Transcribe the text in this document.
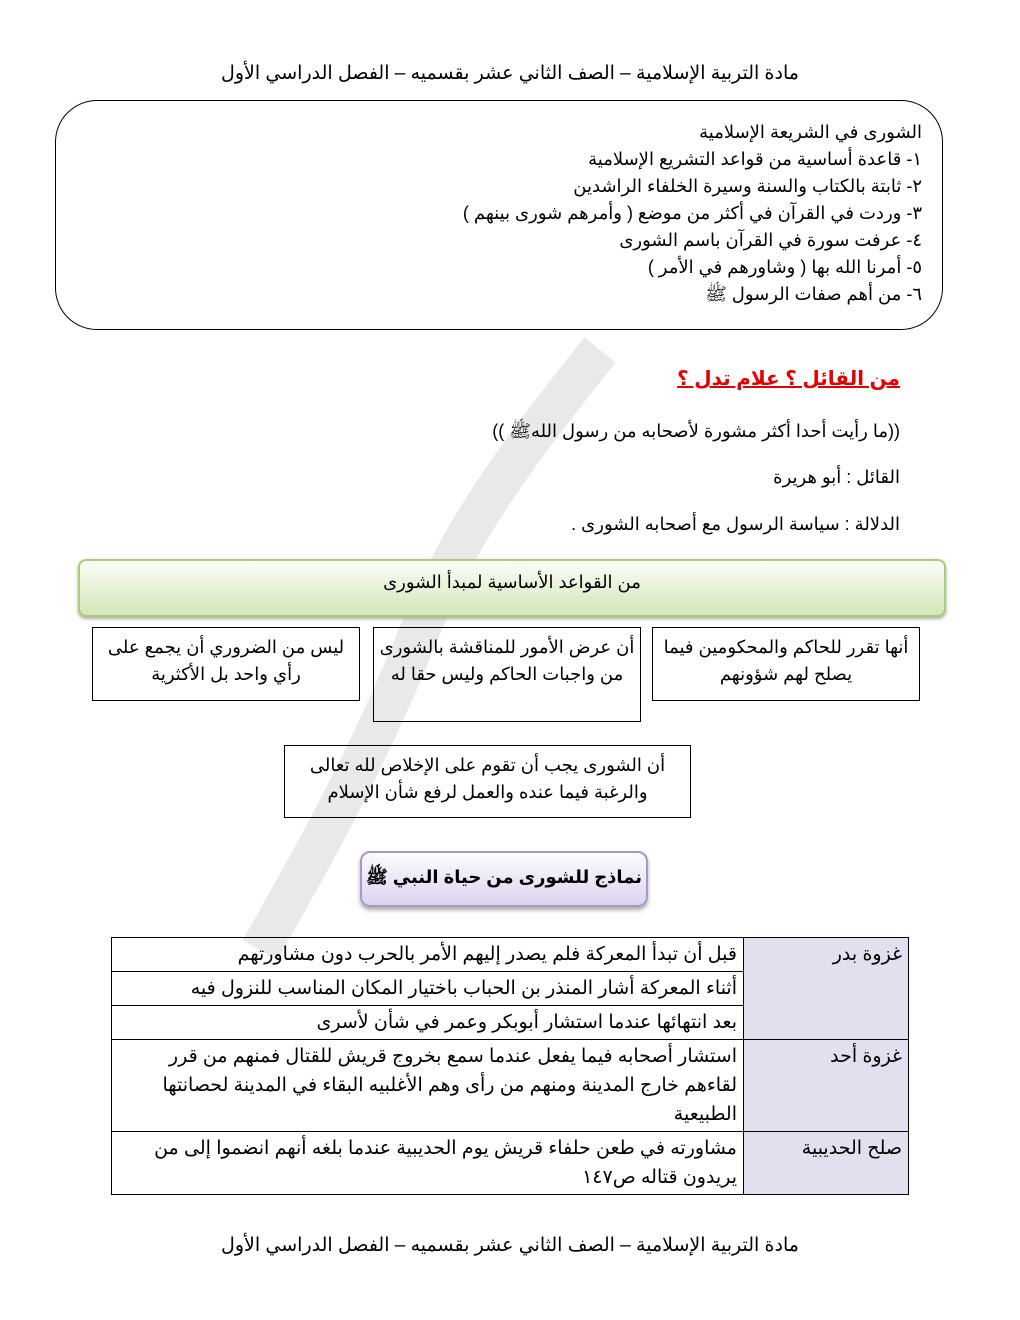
مادة التربية الإسلامية – الصف الثاني عشر بقسميه – الفصل الدراسي الأول
الشورى في الشريعة الإسلامية
١- قاعدة أساسية من قواعد التشريع الإسلامية
٢- ثابتة بالكتاب والسنة وسيرة الخلفاء الراشدين
٣- وردت في القرآن في أكثر من موضع ( وأمرهم شورى بينهم )
٤- عرفت سورة في القرآن باسم الشورى
٥- أمرنا الله بها ( وشاورهم في الأمر )
٦- من أهم صفات الرسول ﷺ
من القائل ؟ علام تدل ؟
((ما رأيت أحدا أكثر مشورة لأصحابه من رسول اللهﷺ ))
القائل : أبو هريرة
الدلالة : سياسة الرسول مع أصحابه الشورى .
من القواعد الأساسية لمبدأ الشورى
أنها تقرر للحاكم والمحكومين فيما يصلح لهم شؤونهم
أن عرض الأمور للمناقشة بالشورى من واجبات الحاكم وليس حقا له
ليس من الضروري أن يجمع على رأي واحد بل الأكثرية
أن الشورى يجب أن تقوم على الإخلاص لله تعالى والرغبة فيما عنده والعمل لرفع شأن الإسلام
نماذج للشورى من حياة النبي ﷺ
غزوة بدر	قبل أن تبدأ المعركة فلم يصدر إليهم الأمر بالحرب دون مشاورتهم
	أثناء المعركة أشار المنذر بن الحباب باختيار المكان المناسب للنزول فيه
	بعد انتهائها عندما استشار أبوبكر وعمر في شأن لأسرى
غزوة أحد	استشار أصحابه فيما يفعل عندما سمع بخروج قريش للقتال فمنهم من قرر لقاءهم خارج المدينة ومنهم من رأى وهم الأغلبيه البقاء في المدينة لحصانتها الطبيعية
صلح الحديبية	مشاورته في طعن حلفاء قريش يوم الحديبية عندما بلغه أنهم انضموا إلى من يريدون قتاله ص١٤٧
مادة التربية الإسلامية – الصف الثاني عشر بقسميه – الفصل الدراسي الأول
